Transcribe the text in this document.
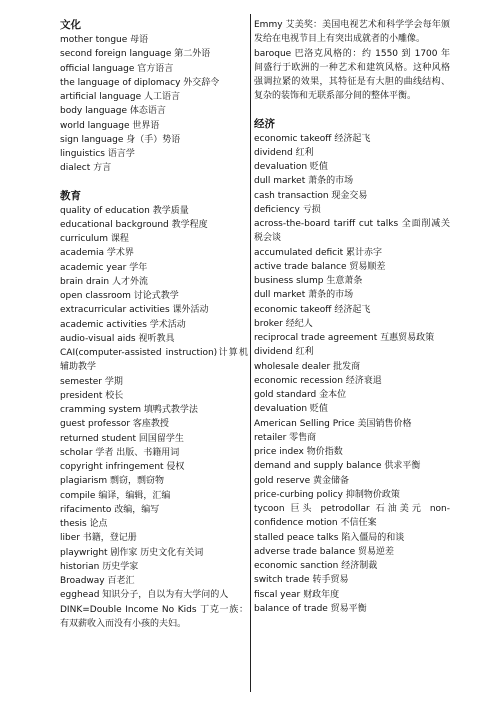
文化
mother tongue 母语
second foreign language 第二外语
official language 官方语言
the language of diplomacy 外交辞令
artificial language 人工语言
body language 体态语言
world language 世界语
sign language 身（手）势语
linguistics 语言学
dialect 方言
教育
quality of education 教学质量
educational background 教学程度
curriculum 课程
academia 学术界
academic year 学年
brain drain 人才外流
open classroom 讨论式教学
extracurricular activities 课外活动
academic activities 学术活动
audio-visual aids 视听教具
CAI(computer-assisted instruction)计算机辅助教学
semester 学期
president 校长
cramming system 填鸭式教学法
guest professor 客座教授
returned student 回国留学生
scholar 学者 出版、书籍用词
copyright infringement 侵权
plagiarism 剽窃，剽窃物
compile 编译，编辑，汇编
rifacimento 改编，编写
thesis 论点
liber 书籍，登记册
playwright 剧作家 历史文化有关词
historian 历史学家
Broadway 百老汇
egghead 知识分子，自以为有大学问的人
DINK=Double Income No Kids 丁克一族：有双薪收入而没有小孩的夫妇。
Emmy 艾美奖：美国电视艺术和科学学会每年颁发给在电视节目上有突出成就者的小雕像。
baroque 巴洛克风格的：约 1550 到 1700 年间盛行于欧洲的一种艺术和建筑风格。这种风格强调拉紧的效果，其特征是有大胆的曲线结构、复杂的装饰和无联系部分间的整体平衡。
经济
economic takeoff 经济起飞
dividend 红利
devaluation 贬值
dull market 萧条的市场
cash transaction 现金交易
deficiency 亏损
across-the-board tariff cut talks 全面削减关税会谈
accumulated deficit 累计赤字
active trade balance 贸易顺差
business slump 生意萧条
dull market 萧条的市场
economic takeoff 经济起飞
broker 经纪人
reciprocal trade agreement 互惠贸易政策
dividend 红利
wholesale dealer 批发商
economic recession 经济衰退
gold standard 金本位
devaluation 贬值
American Selling Price 美国销售价格
retailer 零售商
price index 物价指数
demand and supply balance 供求平衡
gold reserve 黄金储备
price-curbing policy 抑制物价政策
tycoon 巨头 petrodollar 石油美元 non-confidence motion 不信任案
stalled peace talks 陷入僵局的和谈
adverse trade balance 贸易逆差
economic sanction 经济制裁
switch trade 转手贸易
fiscal year 财政年度
balance of trade 贸易平衡
